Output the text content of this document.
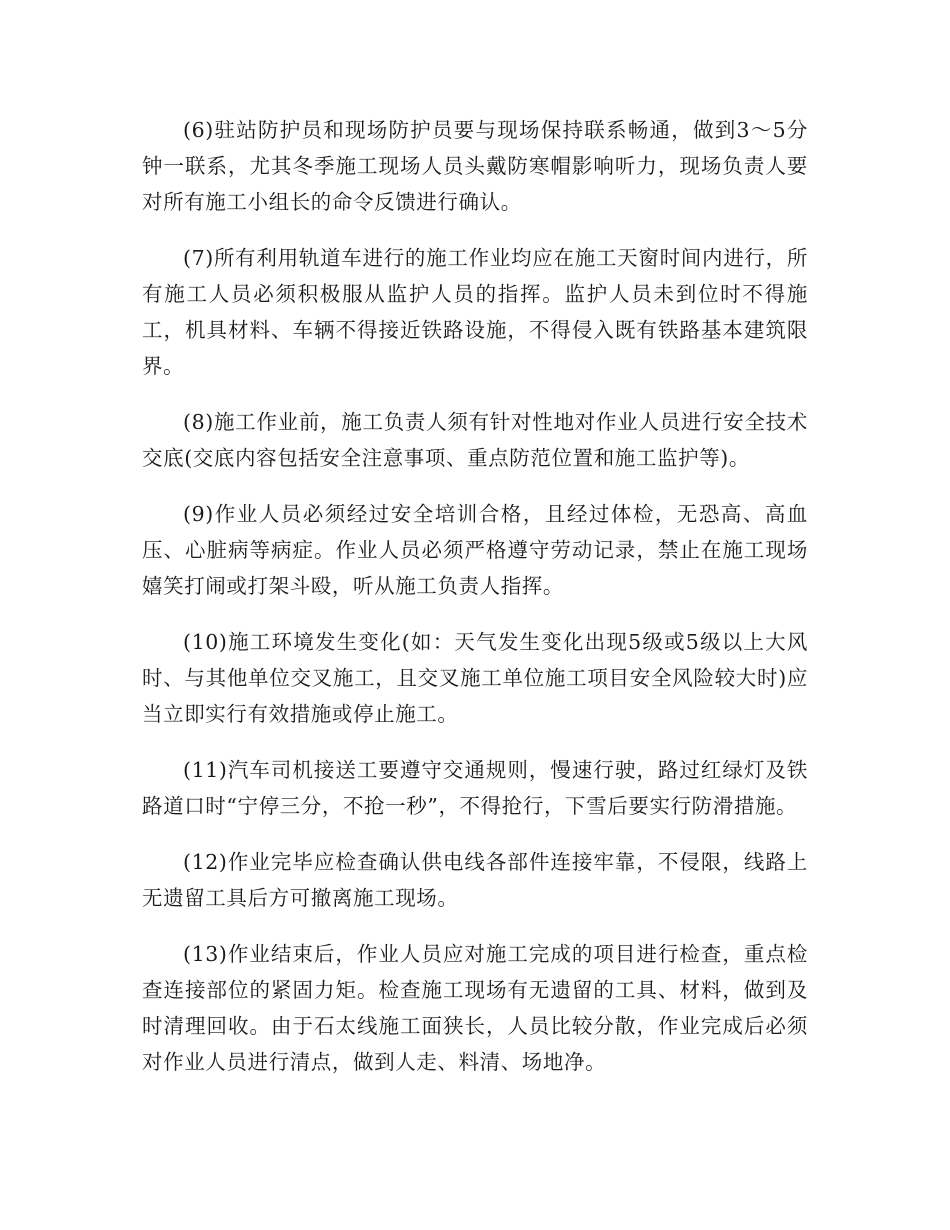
(6)驻站防护员和现场防护员要与现场保持联系畅通，做到3～5分钟一联系，尤其冬季施工现场人员头戴防寒帽影响听力，现场负责人要对所有施工小组长的命令反馈进行确认。

(7)所有利用轨道车进行的施工作业均应在施工天窗时间内进行，所有施工人员必须积极服从监护人员的指挥。监护人员未到位时不得施工，机具材料、车辆不得接近铁路设施，不得侵入既有铁路基本建筑限界。

(8)施工作业前，施工负责人须有针对性地对作业人员进行安全技术交底(交底内容包括安全注意事项、重点防范位置和施工监护等)。

(9)作业人员必须经过安全培训合格，且经过体检，无恐高、高血压、心脏病等病症。作业人员必须严格遵守劳动记录，禁止在施工现场嬉笑打闹或打架斗殴，听从施工负责人指挥。

(10)施工环境发生变化(如：天气发生变化出现5级或5级以上大风时、与其他单位交叉施工，且交叉施工单位施工项目安全风险较大时)应当立即实行有效措施或停止施工。

(11)汽车司机接送工要遵守交通规则，慢速行驶，路过红绿灯及铁路道口时“宁停三分，不抢一秒”，不得抢行，下雪后要实行防滑措施。

(12)作业完毕应检查确认供电线各部件连接牢靠，不侵限，线路上无遗留工具后方可撤离施工现场。

(13)作业结束后，作业人员应对施工完成的项目进行检查，重点检查连接部位的紧固力矩。检查施工现场有无遗留的工具、材料，做到及时清理回收。由于石太线施工面狭长，人员比较分散，作业完成后必须对作业人员进行清点，做到人走、料清、场地净。
